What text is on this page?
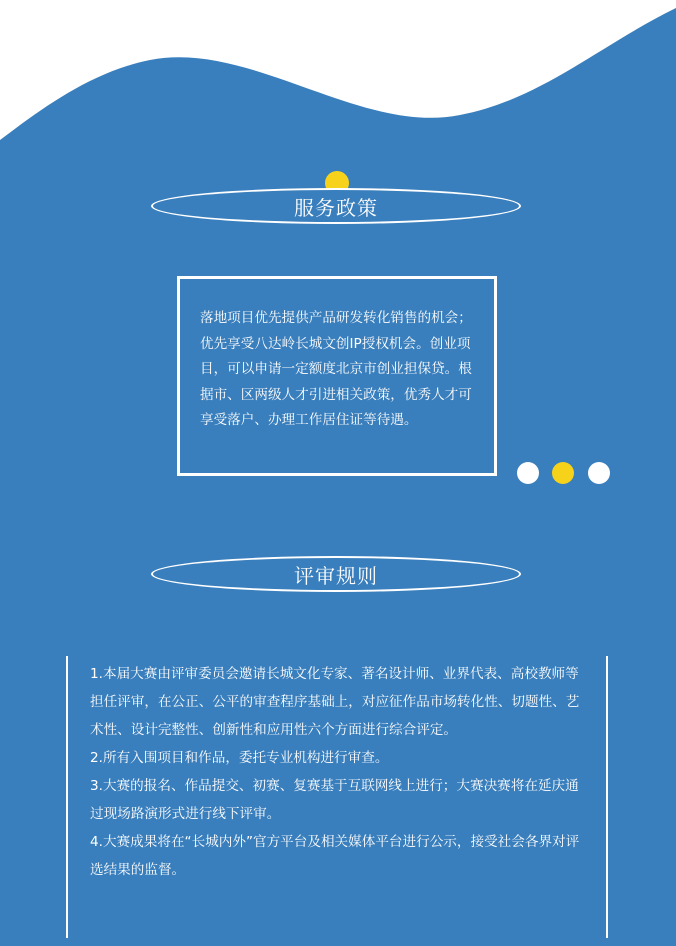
服务政策

落地项目优先提供产品研发转化销售的机会；优先享受八达岭长城文创IP授权机会。创业项目，可以申请一定额度北京市创业担保贷。根据市、区两级人才引进相关政策，优秀人才可享受落户、办理工作居住证等待遇。

评审规则

1.本届大赛由评审委员会邀请长城文化专家、著名设计师、业界代表、高校教师等担任评审，在公正、公平的审查程序基础上，对应征作品市场转化性、切题性、艺术性、设计完整性、创新性和应用性六个方面进行综合评定。

2.所有入围项目和作品，委托专业机构进行审查。

3.大赛的报名、作品提交、初赛、复赛基于互联网线上进行；大赛决赛将在延庆通过现场路演形式进行线下评审。

4.大赛成果将在“长城内外”官方平台及相关媒体平台进行公示，接受社会各界对评选结果的监督。
